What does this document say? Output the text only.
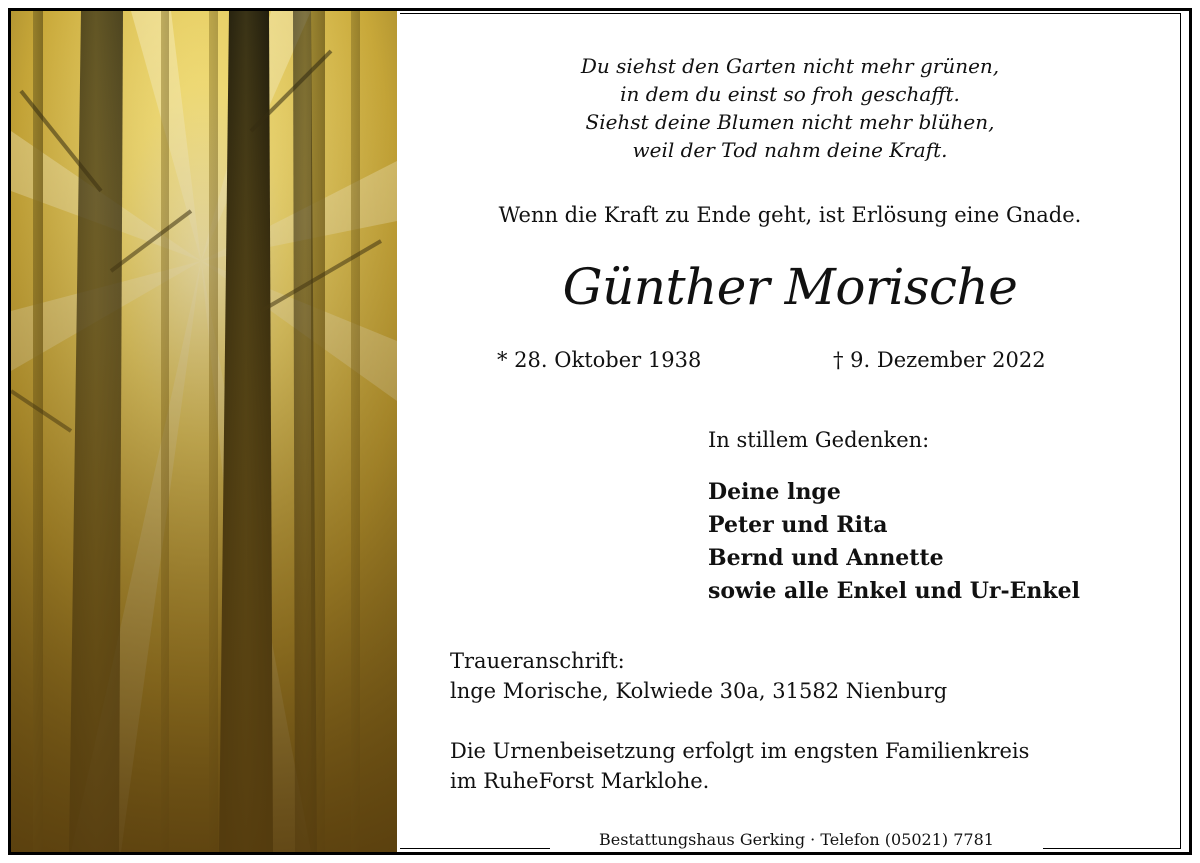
Du siehst den Garten nicht mehr grünen,
in dem du einst so froh geschafft.
Siehst deine Blumen nicht mehr blühen,
weil der Tod nahm deine Kraft.
Wenn die Kraft zu Ende geht, ist Erlösung eine Gnade.
Günther Morische
* 28. Oktober 1938	† 9. Dezember 2022
In stillem Gedenken:
Deine lnge
Peter und Rita
Bernd und Annette
sowie alle Enkel und Ur-Enkel
Traueranschrift:
lnge Morische, Kolwiede 30a, 31582 Nienburg
Die Urnenbeisetzung erfolgt im engsten Familienkreis
im RuheForst Marklohe.
Bestattungshaus Gerking · Telefon (05021) 7781
